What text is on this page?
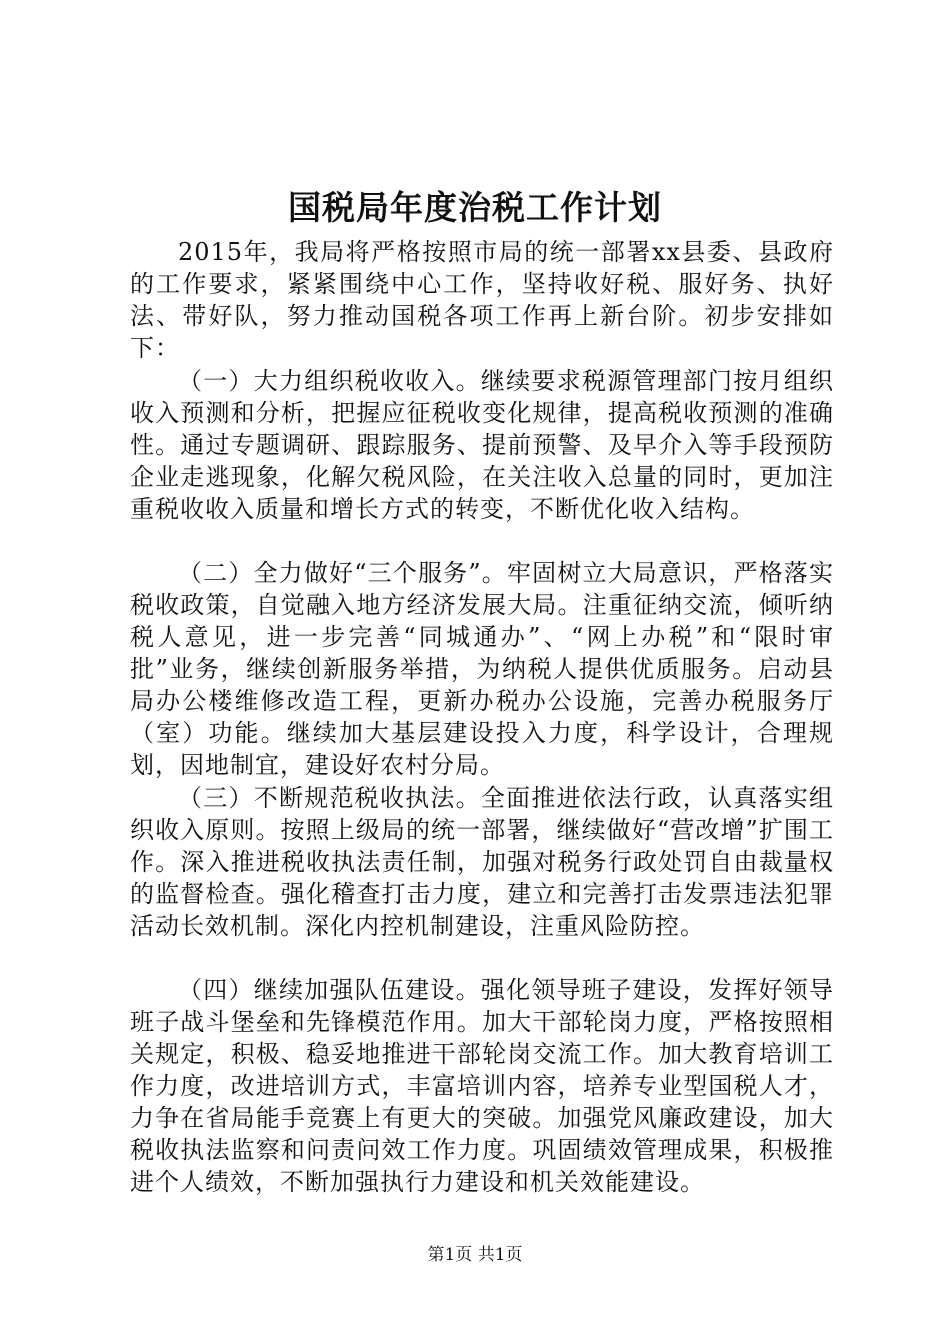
国税局年度治税工作计划

2015年，我局将严格按照市局的统一部署xx县委、县政府的工作要求，紧紧围绕中心工作，坚持收好税、服好务、执好法、带好队，努力推动国税各项工作再上新台阶。初步安排如下：

（一）大力组织税收收入。继续要求税源管理部门按月组织收入预测和分析，把握应征税收变化规律，提高税收预测的准确性。通过专题调研、跟踪服务、提前预警、及早介入等手段预防企业走逃现象，化解欠税风险，在关注收入总量的同时，更加注重税收收入质量和增长方式的转变，不断优化收入结构。

（二）全力做好“三个服务”。牢固树立大局意识，严格落实税收政策，自觉融入地方经济发展大局。注重征纳交流，倾听纳税人意见，进一步完善“同城通办”、“网上办税”和“限时审批”业务，继续创新服务举措，为纳税人提供优质服务。启动县局办公楼维修改造工程，更新办税办公设施，完善办税服务厅（室）功能。继续加大基层建设投入力度，科学设计，合理规划，因地制宜，建设好农村分局。

（三）不断规范税收执法。全面推进依法行政，认真落实组织收入原则。按照上级局的统一部署，继续做好“营改增”扩围工作。深入推进税收执法责任制，加强对税务行政处罚自由裁量权的监督检查。强化稽查打击力度，建立和完善打击发票违法犯罪活动长效机制。深化内控机制建设，注重风险防控。

（四）继续加强队伍建设。强化领导班子建设，发挥好领导班子战斗堡垒和先锋模范作用。加大干部轮岗力度，严格按照相关规定，积极、稳妥地推进干部轮岗交流工作。加大教育培训工作力度，改进培训方式，丰富培训内容，培养专业型国税人才，力争在省局能手竞赛上有更大的突破。加强党风廉政建设，加大税收执法监察和问责问效工作力度。巩固绩效管理成果，积极推进个人绩效，不断加强执行力建设和机关效能建设。

第1页 共1页
